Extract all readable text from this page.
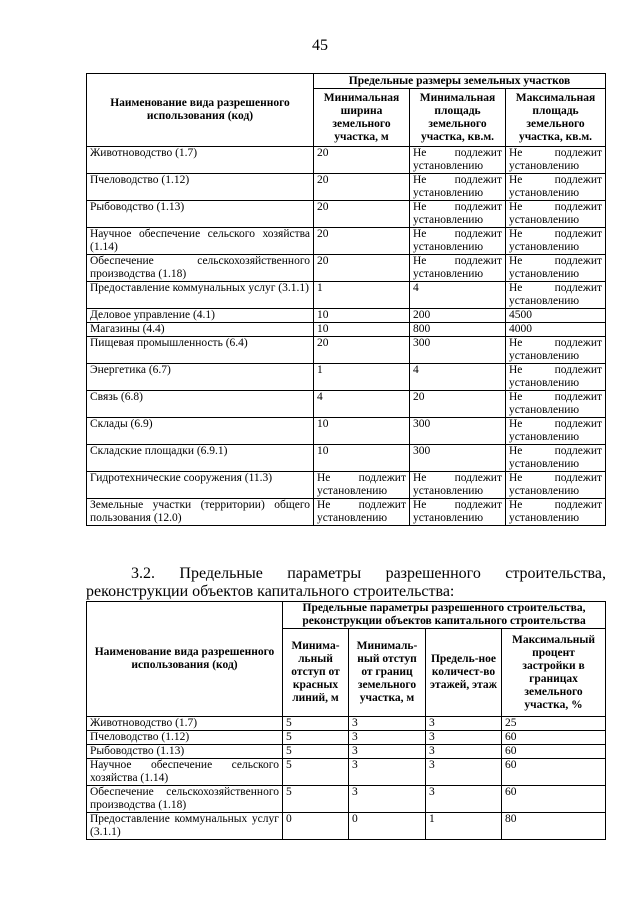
45
Наименование вида разрешенного использования (код)	Предельные размеры земельных участков		
	Минимальная ширина земельного участка, м	Минимальная площадь земельного участка, кв.м.	Максимальная площадь земельного участка, кв.м.
Животноводство (1.7)	20	Не подлежит установлению	Не подлежит установлению
Пчеловодство (1.12)	20	Не подлежит установлению	Не подлежит установлению
Рыбоводство (1.13)	20	Не подлежит установлению	Не подлежит установлению
Научное обеспечение сельского хозяйства (1.14)	20	Не подлежит установлению	Не подлежит установлению
Обеспечение сельскохозяйственного производства (1.18)	20	Не подлежит установлению	Не подлежит установлению
Предоставление коммунальных услуг (3.1.1)	1	4	Не подлежит установлению
Деловое управление (4.1)	10	200	4500
Магазины (4.4)	10	800	4000
Пищевая промышленность (6.4)	20	300	Не подлежит установлению
Энергетика (6.7)	1	4	Не подлежит установлению
Связь (6.8)	4	20	Не подлежит установлению
Склады (6.9)	10	300	Не подлежит установлению
Складские площадки (6.9.1)	10	300	Не подлежит установлению
Гидротехнические сооружения (11.3)	Не подлежит установлению	Не подлежит установлению	Не подлежит установлению
Земельные участки (территории) общего пользования (12.0)	Не подлежит установлению	Не подлежит установлению	Не подлежит установлению
3.2. Предельные параметры разрешенного строительства,
реконструкции объектов капитального строительства:
Наименование вида разрешенного использования (код)	Предельные параметры разрешенного строительства, реконструкции объектов капитального строительства			
	Минима-льный отступ от красных линий, м	Минималь-ный отступ от границ земельного участка, м	Предель-ное количест-во этажей, этаж	Максимальный процент застройки в границах земельного участка, %
Животноводство (1.7)	5	3	3	25
Пчеловодство (1.12)	5	3	3	60
Рыбоводство (1.13)	5	3	3	60
Научное обеспечение сельского хозяйства (1.14)	5	3	3	60
Обеспечение сельскохозяйственного производства (1.18)	5	3	3	60
Предоставление коммунальных услуг (3.1.1)	0	0	1	80
